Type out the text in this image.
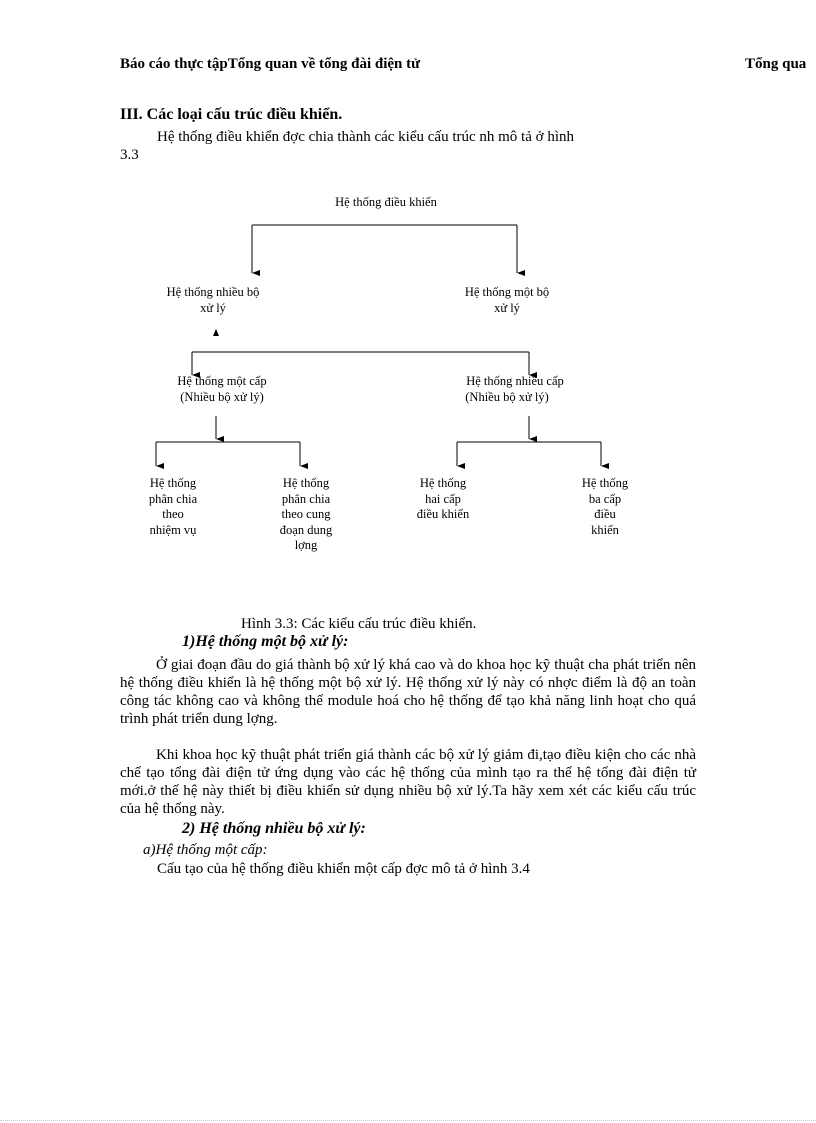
Báo cáo thực tậpTổng quan về tổng đài điện tử	Tổng qua
III. Các loại cấu trúc điều khiển.
Hệ thống điều khiển đợc chia thành các kiểu cấu trúc nh mô tả ở hình
3.3
Hệ thống điều khiển
Hệ thống nhiều bộ
xử lý
Hệ thống một bộ
xử lý
Hệ thống một cấp
(Nhiều bộ xử lý)
Hệ thống nhiều cấp
(Nhiều bộ xử lý)
Hệ thống
phân chia
theo
nhiệm vụ
Hệ thống
phân chia
theo cung
đoạn dung
lợng
Hệ thống
hai cấp
điều khiển
Hệ thống
ba cấp
điều
khiển
Hình 3.3: Các kiểu cấu trúc điều khiển.
1)Hệ thống một bộ xử lý:
Ở giai đoạn đầu do giá thành bộ xử lý khá cao và do khoa học kỹ thuật cha phát triển nên hệ thống điều khiển là hệ thống một bộ xử lý. Hệ thống xử lý này có nhợc điểm là độ an toàn công tác không cao và không thể module hoá cho hệ thống để tạo khả năng linh hoạt cho quá trình phát triển dung lợng.
Khi khoa học kỹ thuật phát triển giá thành các bộ xử lý giảm đi,tạo điều kiện cho các nhà chế tạo tổng đài điện tử ứng dụng vào các hệ thống của mình tạo ra thế hệ tổng đài điện tử mới.ở thế hệ này thiết bị điều khiển sử dụng nhiều bộ xử lý.Ta hãy xem xét các kiểu cấu trúc của hệ thống này.
2) Hệ thống nhiều bộ xử lý:
a)Hệ thống một cấp:
Cấu tạo của hệ thống điều khiển một cấp đợc mô tả ở hình 3.4
